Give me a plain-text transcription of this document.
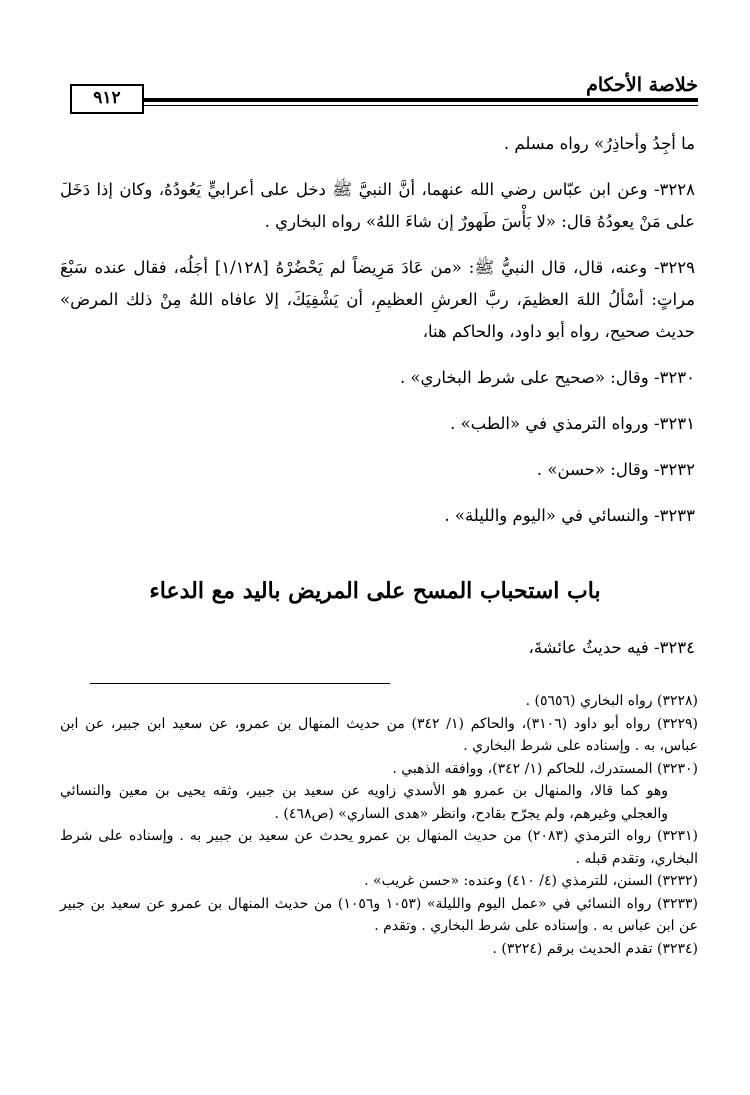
خلاصة الأحكام
٩١٢

ما أجِدُ وأحاذِرُ» رواه مسلم .

٣٢٢٨- وعن ابن عبّاس رضي الله عنهما، أنَّ النبيَّ ﷺ دخل على أعرابيٍّ يَعُودُهُ، وكان إذا دَخَلَ على مَنْ يعودُهُ قال: «لا بَأْسَ طَهورٌ إن شاءَ اللهُ» رواه البخاري .

٣٢٢٩- وعنه، قال، قال النبيُّ ﷺ: «من عَادَ مَرِيضاً لم يَحْضُرْهُ [١/١٢٨] أجَلُه، فقال عنده سَبْعَ مراتٍ: أسْألُ اللهَ العظيمَ، ربَّ العرشِ العظيمِ، أن يَشْفِيَكَ، إلا عافاه اللهُ مِنْ ذلك المرض» حديث صحيح، رواه أبو داود، والحاكم هنا،

٣٢٣٠- وقال: «صحيح على شرط البخاري» .

٣٢٣١- ورواه الترمذي في «الطب» .

٣٢٣٢- وقال: «حسن» .

٣٢٣٣- والنسائي في «اليوم والليلة» .

باب استحباب المسح على المريض باليد مع الدعاء

٣٢٣٤- فيه حديثُ عائشةَ،

(٣٢٢٨) رواه البخاري (٥٦٥٦) .

(٣٢٢٩) رواه أبو داود (٣١٠٦)، والحاكم (١/ ٣٤٢) من حديث المنهال بن عمرو، عن سعيد ابن جبير، عن ابن عباس، به . وإسناده على شرط البخاري .

(٣٢٣٠) المستدرك، للحاكم (١/ ٣٤٢)، ووافقه الذهبي .

وهو كما قالا، والمنهال بن عمرو هو الأسدي زاويه عن سعيد بن جبير، وثقه يحيى بن معين والنسائي والعجلي وغيرهم، ولم يجرّح بقادح، وانظر «هدى الساري» (ص٤٦٨) .

(٣٢٣١) رواه الترمذي (٢٠٨٣) من حديث المنهال بن عمرو يحدث عن سعيد بن جبير به . وإسناده على شرط البخاري، وتقدم قبله .

(٣٢٣٢) السنن، للترمذي (٤/ ٤١٠) وعنده: «حسن غريب» .

(٣٢٣٣) رواه النسائي في «عمل اليوم والليلة» (١٠٥٣ و١٠٥٦) من حديث المنهال بن عمرو عن سعيد بن جبير عن ابن عباس به . وإسناده على شرط البخاري . وتقدم .

(٣٢٣٤) تقدم الحديث برقم (٣٢٢٤) .
